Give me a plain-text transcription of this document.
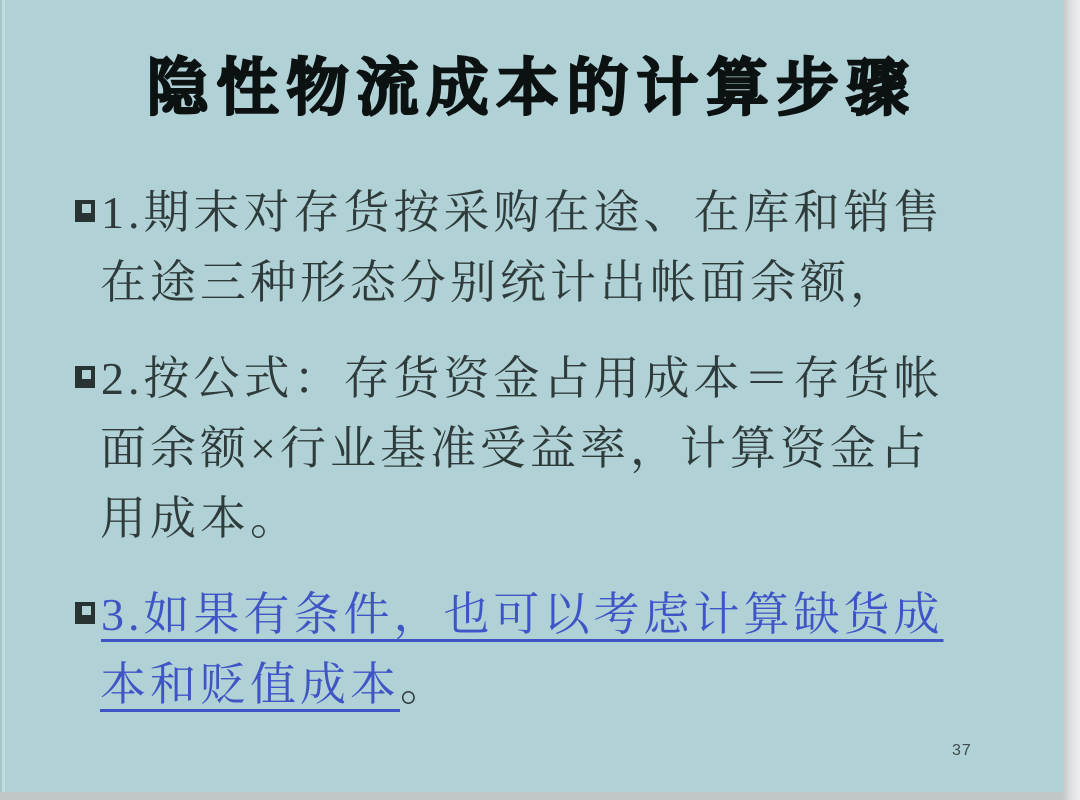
隐性物流成本的计算步骤

1.期末对存货按采购在途、在库和销售在途三种形态分别统计出帐面余额，

2.按公式：存货资金占用成本＝存货帐面余额×行业基准受益率，计算资金占用成本。

3.如果有条件，也可以考虑计算缺货成本和贬值成本。

37
